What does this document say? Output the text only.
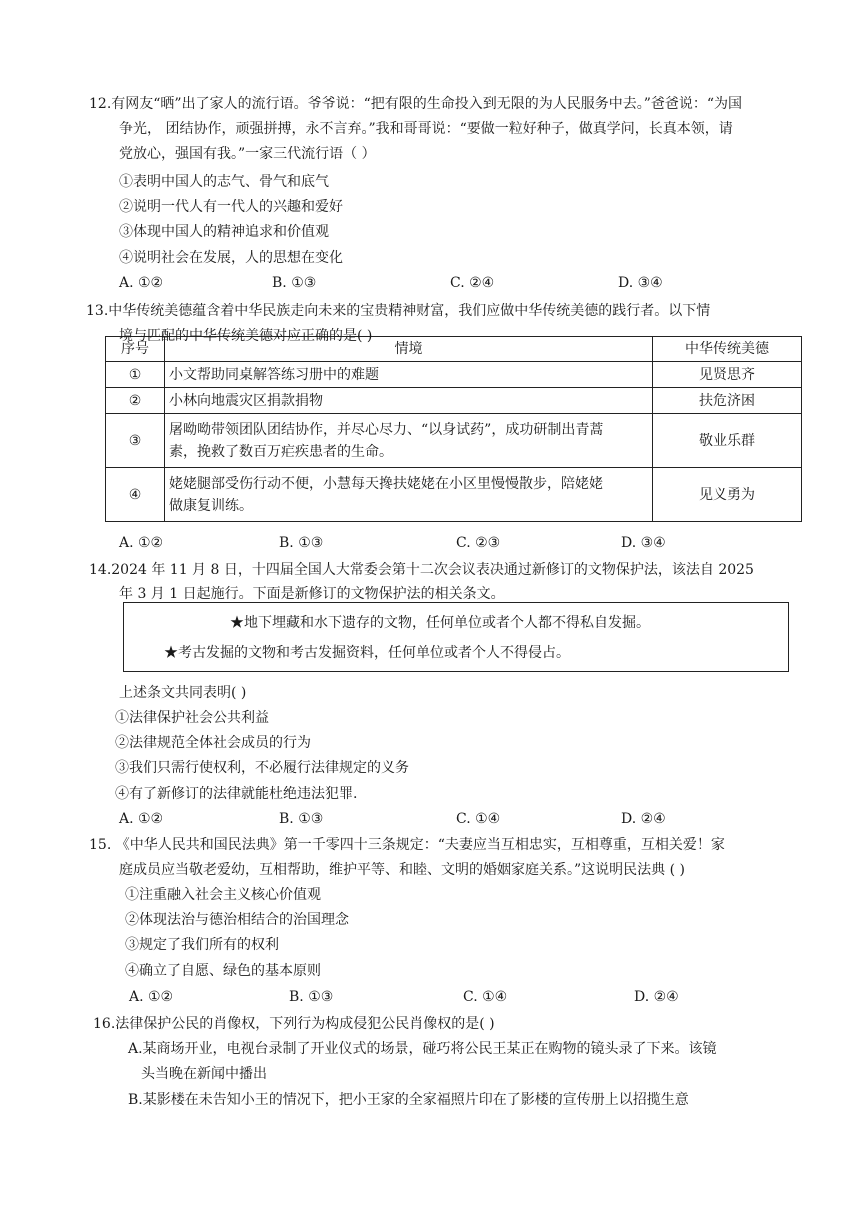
12.有网友“晒”出了家人的流行语。爷爷说：“把有限的生命投入到无限的为人民服务中去。”爸爸说：“为国
争光， 团结协作，顽强拼搏，永不言弃。”我和哥哥说：“要做一粒好种子，做真学问，长真本领，请
党放心，强国有我。”一家三代流行语（ ）
①表明中国人的志气、骨气和底气
②说明一代人有一代人的兴趣和爱好
③体现中国人的精神追求和价值观
④说明社会在发展，人的思想在变化
A. ①②	B. ①③	C. ②④	D. ③④
13.中华传统美德蕴含着中华民族走向未来的宝贵精神财富，我们应做中华传统美德的践行者。以下情
境与匹配的中华传统美德对应正确的是( )
序号	情境	中华传统美德
①	小文帮助同桌解答练习册中的难题	见贤思齐
②	小林向地震灾区捐款捐物	扶危济困
③	屠呦呦带领团队团结协作，并尽心尽力、“以身试药”，成功研制出青蒿
素，挽救了数百万疟疾患者的生命。	敬业乐群
④	姥姥腿部受伤行动不便，小慧每天搀扶姥姥在小区里慢慢散步，陪姥姥
做康复训练。	见义勇为
A. ①②	B. ①③	C. ②③	D. ③④
14.2024 年 11 月 8 日，十四届全国人大常委会第十二次会议表决通过新修订的文物保护法，该法自 2025
年 3 月 1 日起施行。下面是新修订的文物保护法的相关条文。
★地下埋藏和水下遗存的文物，任何单位或者个人都不得私自发掘。
★考古发掘的文物和考古发掘资料，任何单位或者个人不得侵占。
上述条文共同表明( )
①法律保护社会公共利益
②法律规范全体社会成员的行为
③我们只需行使权利，不必履行法律规定的义务
④有了新修订的法律就能杜绝违法犯罪.
A. ①②	B. ①③	C. ①④	D. ②④
15. 《中华人民共和国民法典》第一千零四十三条规定：“夫妻应当互相忠实，互相尊重，互相关爱！家
庭成员应当敬老爱幼，互相帮助，维护平等、和睦、文明的婚姻家庭关系。”这说明民法典 ( )
①注重融入社会主义核心价值观
②体现法治与德治相结合的治国理念
③规定了我们所有的权利
④确立了自愿、绿色的基本原则
A. ①②	B. ①③	C. ①④	D. ②④
16.法律保护公民的肖像权，下列行为构成侵犯公民肖像权的是( )
A.某商场开业，电视台录制了开业仪式的场景，碰巧将公民王某正在购物的镜头录了下来。该镜
头当晚在新闻中播出
B.某影楼在未告知小王的情况下，把小王家的全家福照片印在了影楼的宣传册上以招揽生意
